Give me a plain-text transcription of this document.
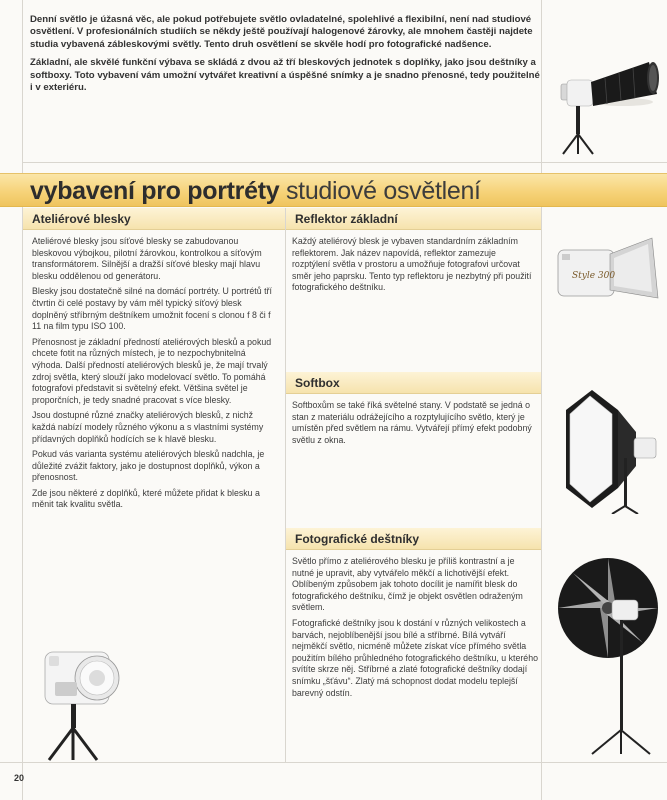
Denní světlo je úžasná věc, ale pokud potřebujete světlo ovladatelné, spolehlivé a flexibilní, není nad studiové osvětlení. V profesionálních studiích se někdy ještě používají halogenové žárovky, ale mnohem častěji najdete studia vybavená zábleskovými světly. Tento druh osvětlení se skvěle hodí pro fotografické nadšence.

Základní, ale skvělé funkční výbava se skládá z dvou až tří bleskových jednotek s doplňky, jako jsou deštníky a softboxy. Toto vybavení vám umožní vytvářet kreativní a úspěšné snímky a je snadno přenosné, tedy použitelné i v exteriéru.

vybavení pro portréty studiové osvětlení
Ateliérové blesky

Ateliérové blesky jsou síťové blesky se zabudovanou bleskovou výbojkou, pilotní žárovkou, kontrolkou a síťovým transformátorem. Silnější a dražší síťové blesky mají hlavu blesku oddělenou od generátoru.

Blesky jsou dostatečně silné na domácí portréty. U portrétů tří čtvrtin či celé postavy by vám měl typický síťový blesk doplněný stříbrným deštníkem umožnit focení s clonou f 8 či f 11 na film typu ISO 100.

Přenosnost je základní předností ateliérových blesků a pokud chcete fotit na různých místech, je to nezpochybnitelná výhoda. Další předností ateliérových blesků je, že mají trvalý zdroj světla, který slouží jako modelovací světlo. To pomáhá fotografovi představit si světelný efekt. Většina světel je proporčních, je tedy snadné pracovat s více blesky.

Jsou dostupné různé značky ateliérových blesků, z nichž každá nabízí modely různého výkonu a s vlastními systémy přídavných doplňků hodících se k hlavě blesku.

Pokud vás varianta systému ateliérových blesků nadchla, je důležité zvážit faktory, jako je dostupnost doplňků, výkon a přenosnost.

Zde jsou některé z doplňků, které můžete přidat k blesku a měnit tak kvalitu světla.

Reflektor základní

Každý ateliérový blesk je vybaven standardním základním reflektorem. Jak název napovídá, reflektor zamezuje rozptýlení světla v prostoru a umožňuje fotografovi určovat směr jeho paprsku. Tento typ reflektoru je nezbytný při použití fotografického deštníku.

Style 300
Softbox

Softboxům se také říká světelné stany. V podstatě se jedná o stan z materiálu odrážejícího a rozptylujícího světlo, který je umístěn před světlem na rámu. Vytvářejí přímý efekt podobný světlu z okna.

Fotografické deštníky

Světlo přímo z ateliérového blesku je příliš kontrastní a je nutné je upravit, aby vytvářelo měkčí a lichotivější efekt. Oblíbeným způsobem jak tohoto docílit je namířit blesk do fotografického deštníku, čímž je objekt osvětlen odraženým světlem.

Fotografické deštníky jsou k dostání v různých velikostech a barvách, nejoblíbenější jsou bílé a stříbrné. Bílá vytváří nejměkčí světlo, nicméně můžete získat více přímého světla použitím bílého průhledného fotografického deštníku, u kterého svítíte skrze něj. Stříbrné a zlaté fotografické deštníky dodají snímku „šťávu“. Zlatý má schopnost dodat modelu teplejší barevný odstín.

20
